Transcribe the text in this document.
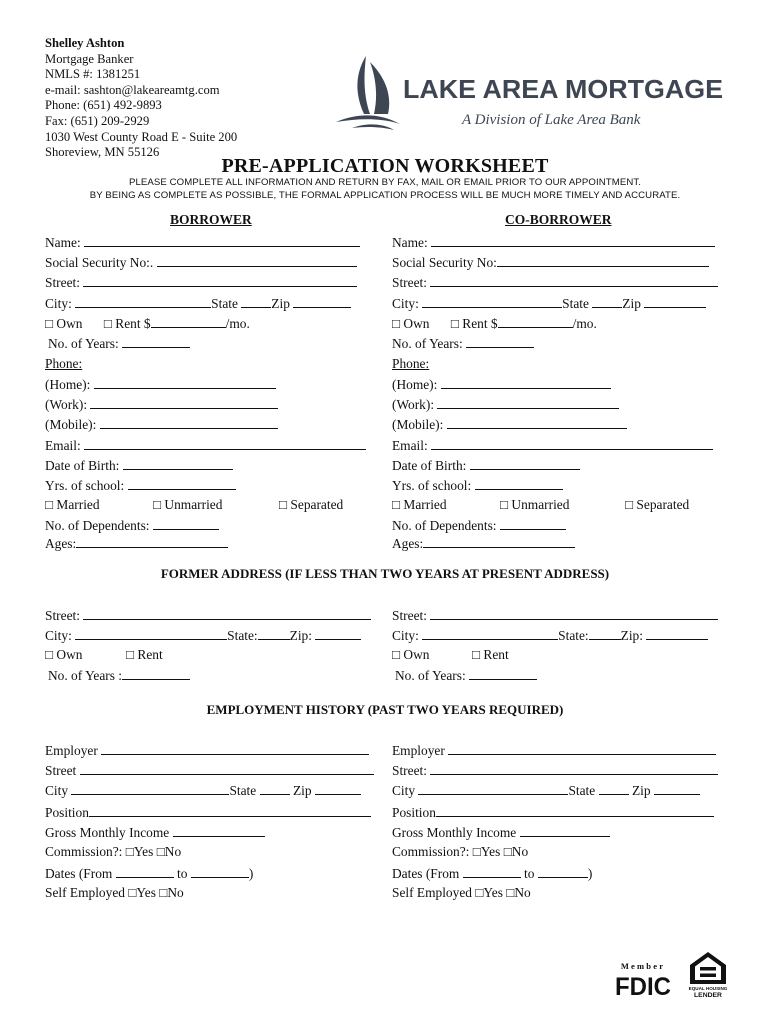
Shelley Ashton
Mortgage Banker
NMLS #: 1381251
e-mail: sashton@lakeareamtg.com
Phone: (651) 492-9893
Fax: (651) 209-2929
1030 West County Road E - Suite 200
Shoreview, MN 55126
LAKE AREA MORTGAGE
A Division of Lake Area Bank
PRE-APPLICATION WORKSHEET
PLEASE COMPLETE ALL INFORMATION AND RETURN BY FAX, MAIL OR EMAIL PRIOR TO OUR APPOINTMENT.
BY BEING AS COMPLETE AS POSSIBLE, THE FORMAL APPLICATION PROCESS WILL BE MUCH MORE TIMELY AND ACCURATE.
BORROWER	CO-BORROWER
Name:
Social Security No:.
Street:
City:	State Zip
□ Own □ Rent $	/mo.
No. of Years:
Phone:
(Home):
(Work):
(Mobile):
Email:
Date of Birth:
Yrs. of school:
□ Married	□ Unmarried	□ Separated
No. of Dependents:
Ages:
Name:
Social Security No:
Street:
City:	State Zip
□ Own □ Rent $	/mo.
No. of Years:
Phone:
(Home):
(Work):
(Mobile):
Email:
Date of Birth:
Yrs. of school:
□ Married	□ Unmarried	□ Separated
No. of Dependents:
Ages:
FORMER ADDRESS (IF LESS THAN TWO YEARS AT PRESENT ADDRESS)
Street:
City:	State: Zip:
□ Own	□ Rent
No. of Years :
Street:
City:	State: Zip:
□ Own	□ Rent
No. of Years:
EMPLOYMENT HISTORY (PAST TWO YEARS REQUIRED)
Employer
Street
City	State	Zip
Position
Gross Monthly Income
Commission?: □Yes □No
Dates (From	to	)
Self Employed □Yes □No
Employer
Street:
City	State	Zip
Position
Gross Monthly Income
Commission?: □Yes □No
Dates (From	to	)
Self Employed □Yes □No
Member
FDIC	EQUAL HOUSING
LENDER
